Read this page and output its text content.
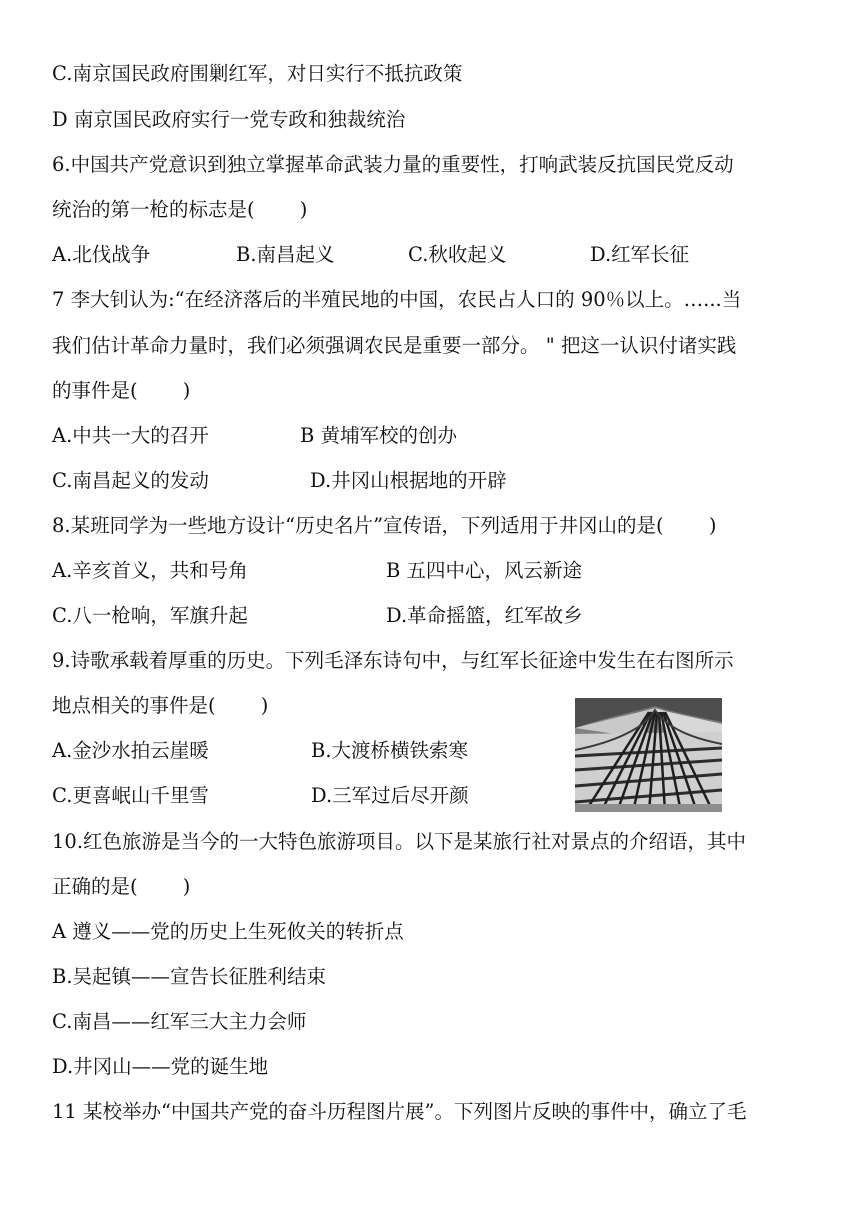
C.南京国民政府围剿红军，对日实行不抵抗政策
D 南京国民政府实行一党专政和独裁统治
6.中国共产党意识到独立掌握革命武装力量的重要性，打响武装反抗国民党反动
统治的第一枪的标志是(　　 )
A.北伐战争	B.南昌起义	C.秋收起义	D.红军长征
7 李大钊认为:“在经济落后的半殖民地的中国，农民占人口的 90％以上。…...当
我们估计革命力量时，我们必须强调农民是重要一部分。 " 把这一认识付诸实践
的事件是(　　 )
A.中共一大的召开	B 黄埔军校的创办
C.南昌起义的发动	D.井冈山根据地的开辟
8.某班同学为一些地方设计“历史名片”宣传语，下列适用于井冈山的是(　　 )
A.辛亥首义，共和号角	B 五四中心，风云新途
C.八一枪响，军旗升起	D.革命摇篮，红军故乡
9.诗歌承载着厚重的历史。下列毛泽东诗句中，与红军长征途中发生在右图所示
地点相关的事件是(　　 )
A.金沙水拍云崖暖	B.大渡桥横铁索寒
C.更喜岷山千里雪	D.三军过后尽开颜
10.红色旅游是当今的一大特色旅游项目。以下是某旅行社对景点的介绍语，其中
正确的是(　　 )
A 遵义——党的历史上生死攸关的转折点
B.吴起镇——宣告长征胜利结束
C.南昌——红军三大主力会师
D.井冈山——党的诞生地
11 某校举办“中国共产党的奋斗历程图片展”。下列图片反映的事件中，确立了毛
